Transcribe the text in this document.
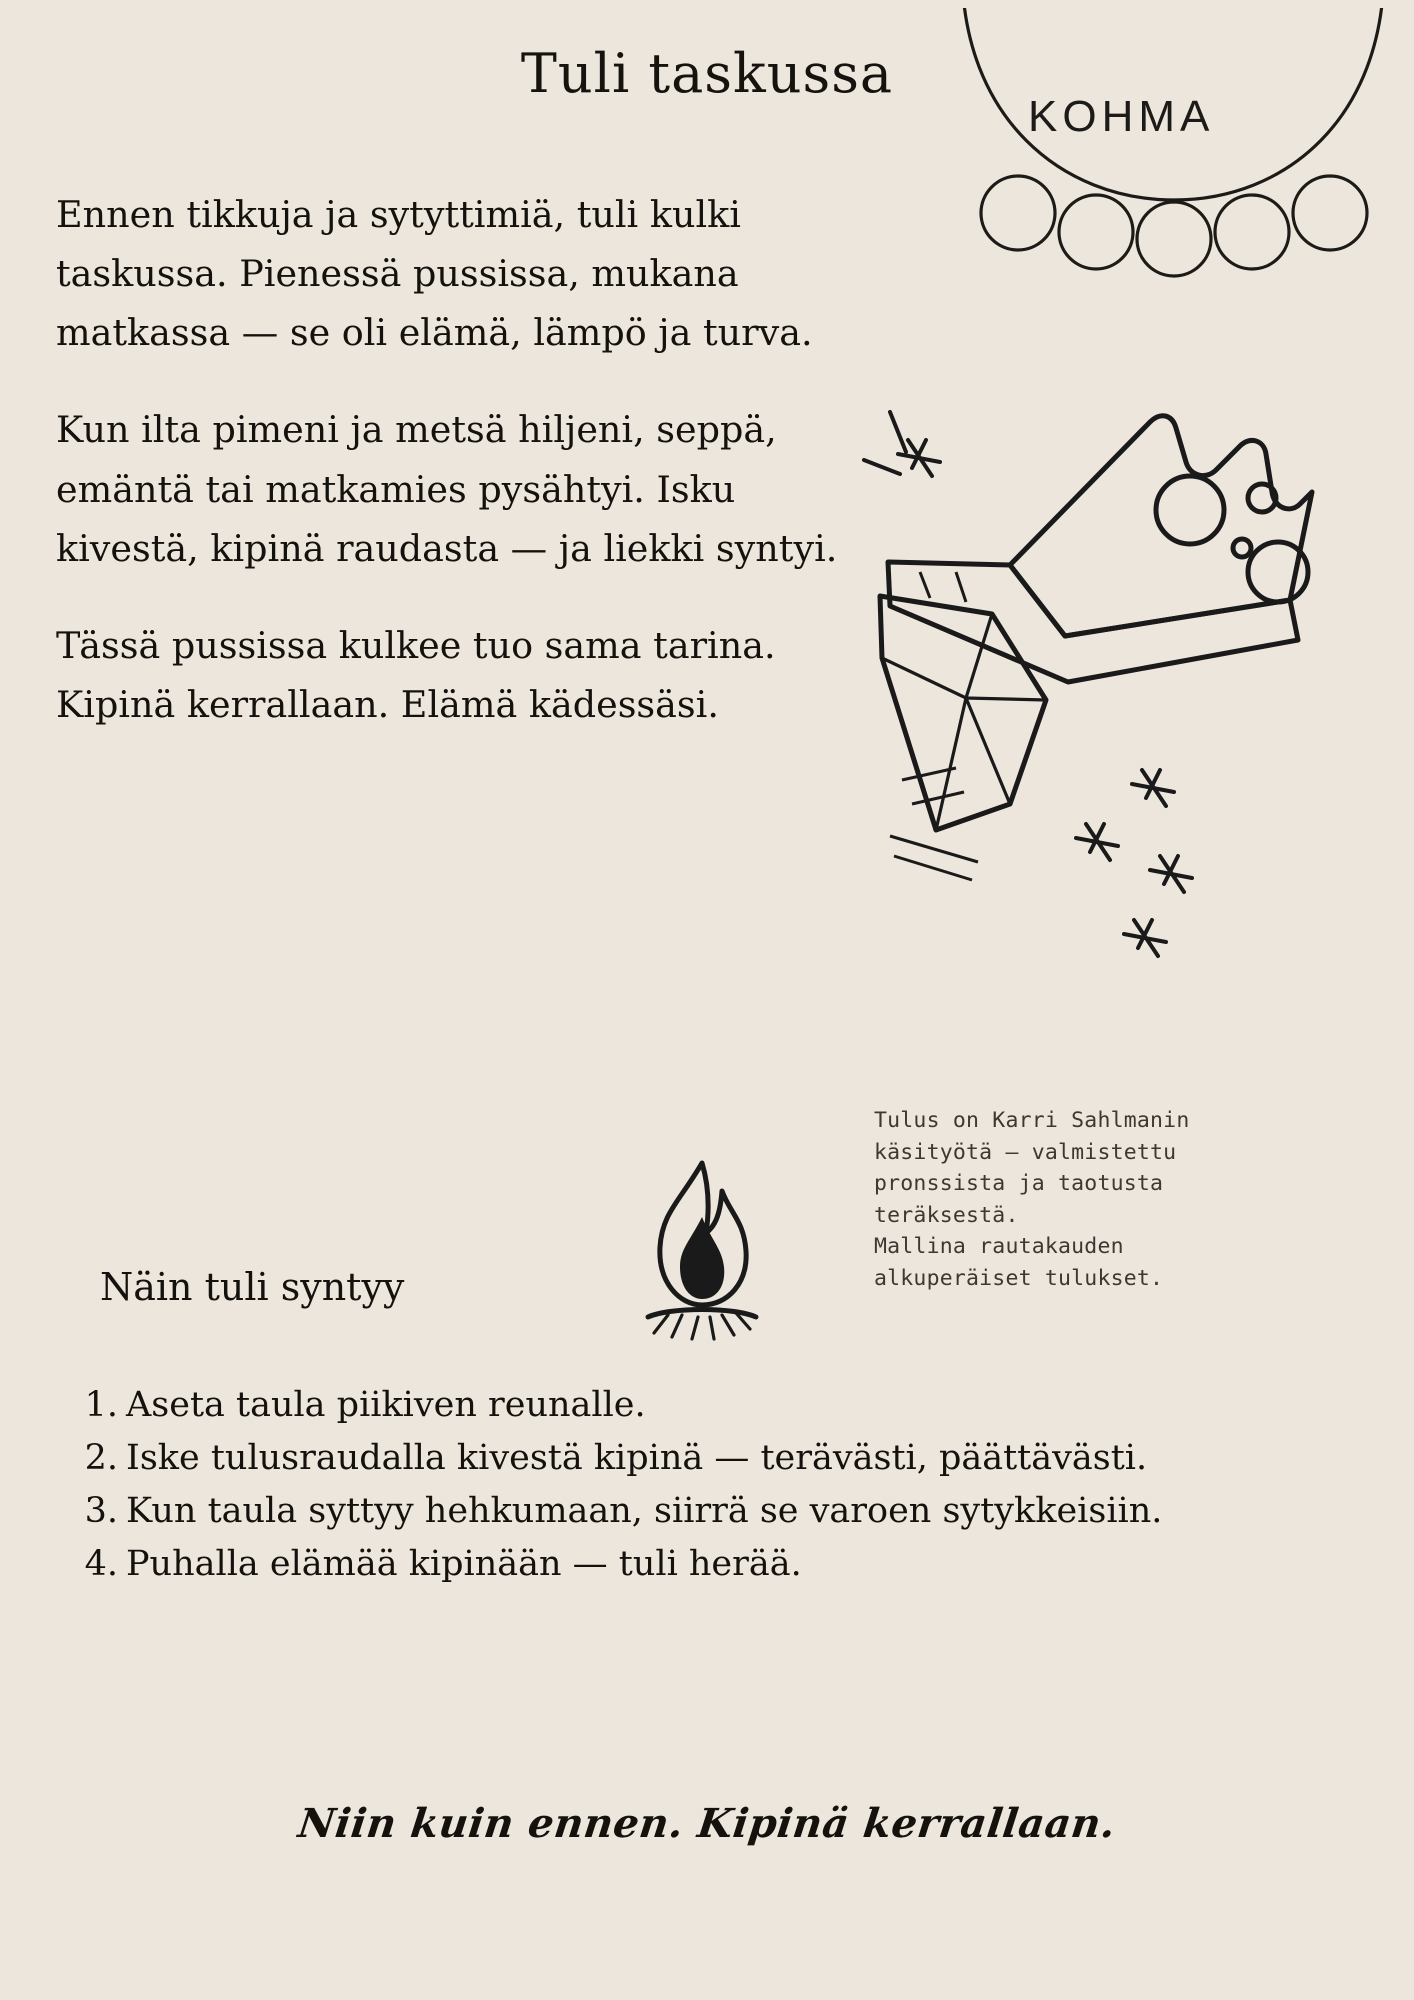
Tuli taskussa
KOHMA

Ennen tikkuja ja sytyttimiä, tuli kulki taskussa. Pienessä pussissa, mukana matkassa — se oli elämä, lämpö ja turva.

Kun ilta pimeni ja metsä hiljeni, seppä, emäntä tai matkamies pysähtyi. Isku kivestä, kipinä raudasta — ja liekki syntyi.

Tässä pussissa kulkee tuo sama tarina. Kipinä kerrallaan. Elämä kädessäsi.

Tulus on Karri Sahlmanin
käsityötä — valmistettu
pronssista ja taotusta
teräksestä.
Mallina rautakauden
alkuperäiset tulukset.
Näin tuli syntyy
1. Aseta taula piikiven reunalle.
2. Iske tulusraudalla kivestä kipinä — terävästi, päättävästi.
3. Kun taula syttyy hehkumaan, siirrä se varoen sytykkeisiin.
4. Puhalla elämää kipinään — tuli herää.
Niin kuin ennen. Kipinä kerrallaan.
